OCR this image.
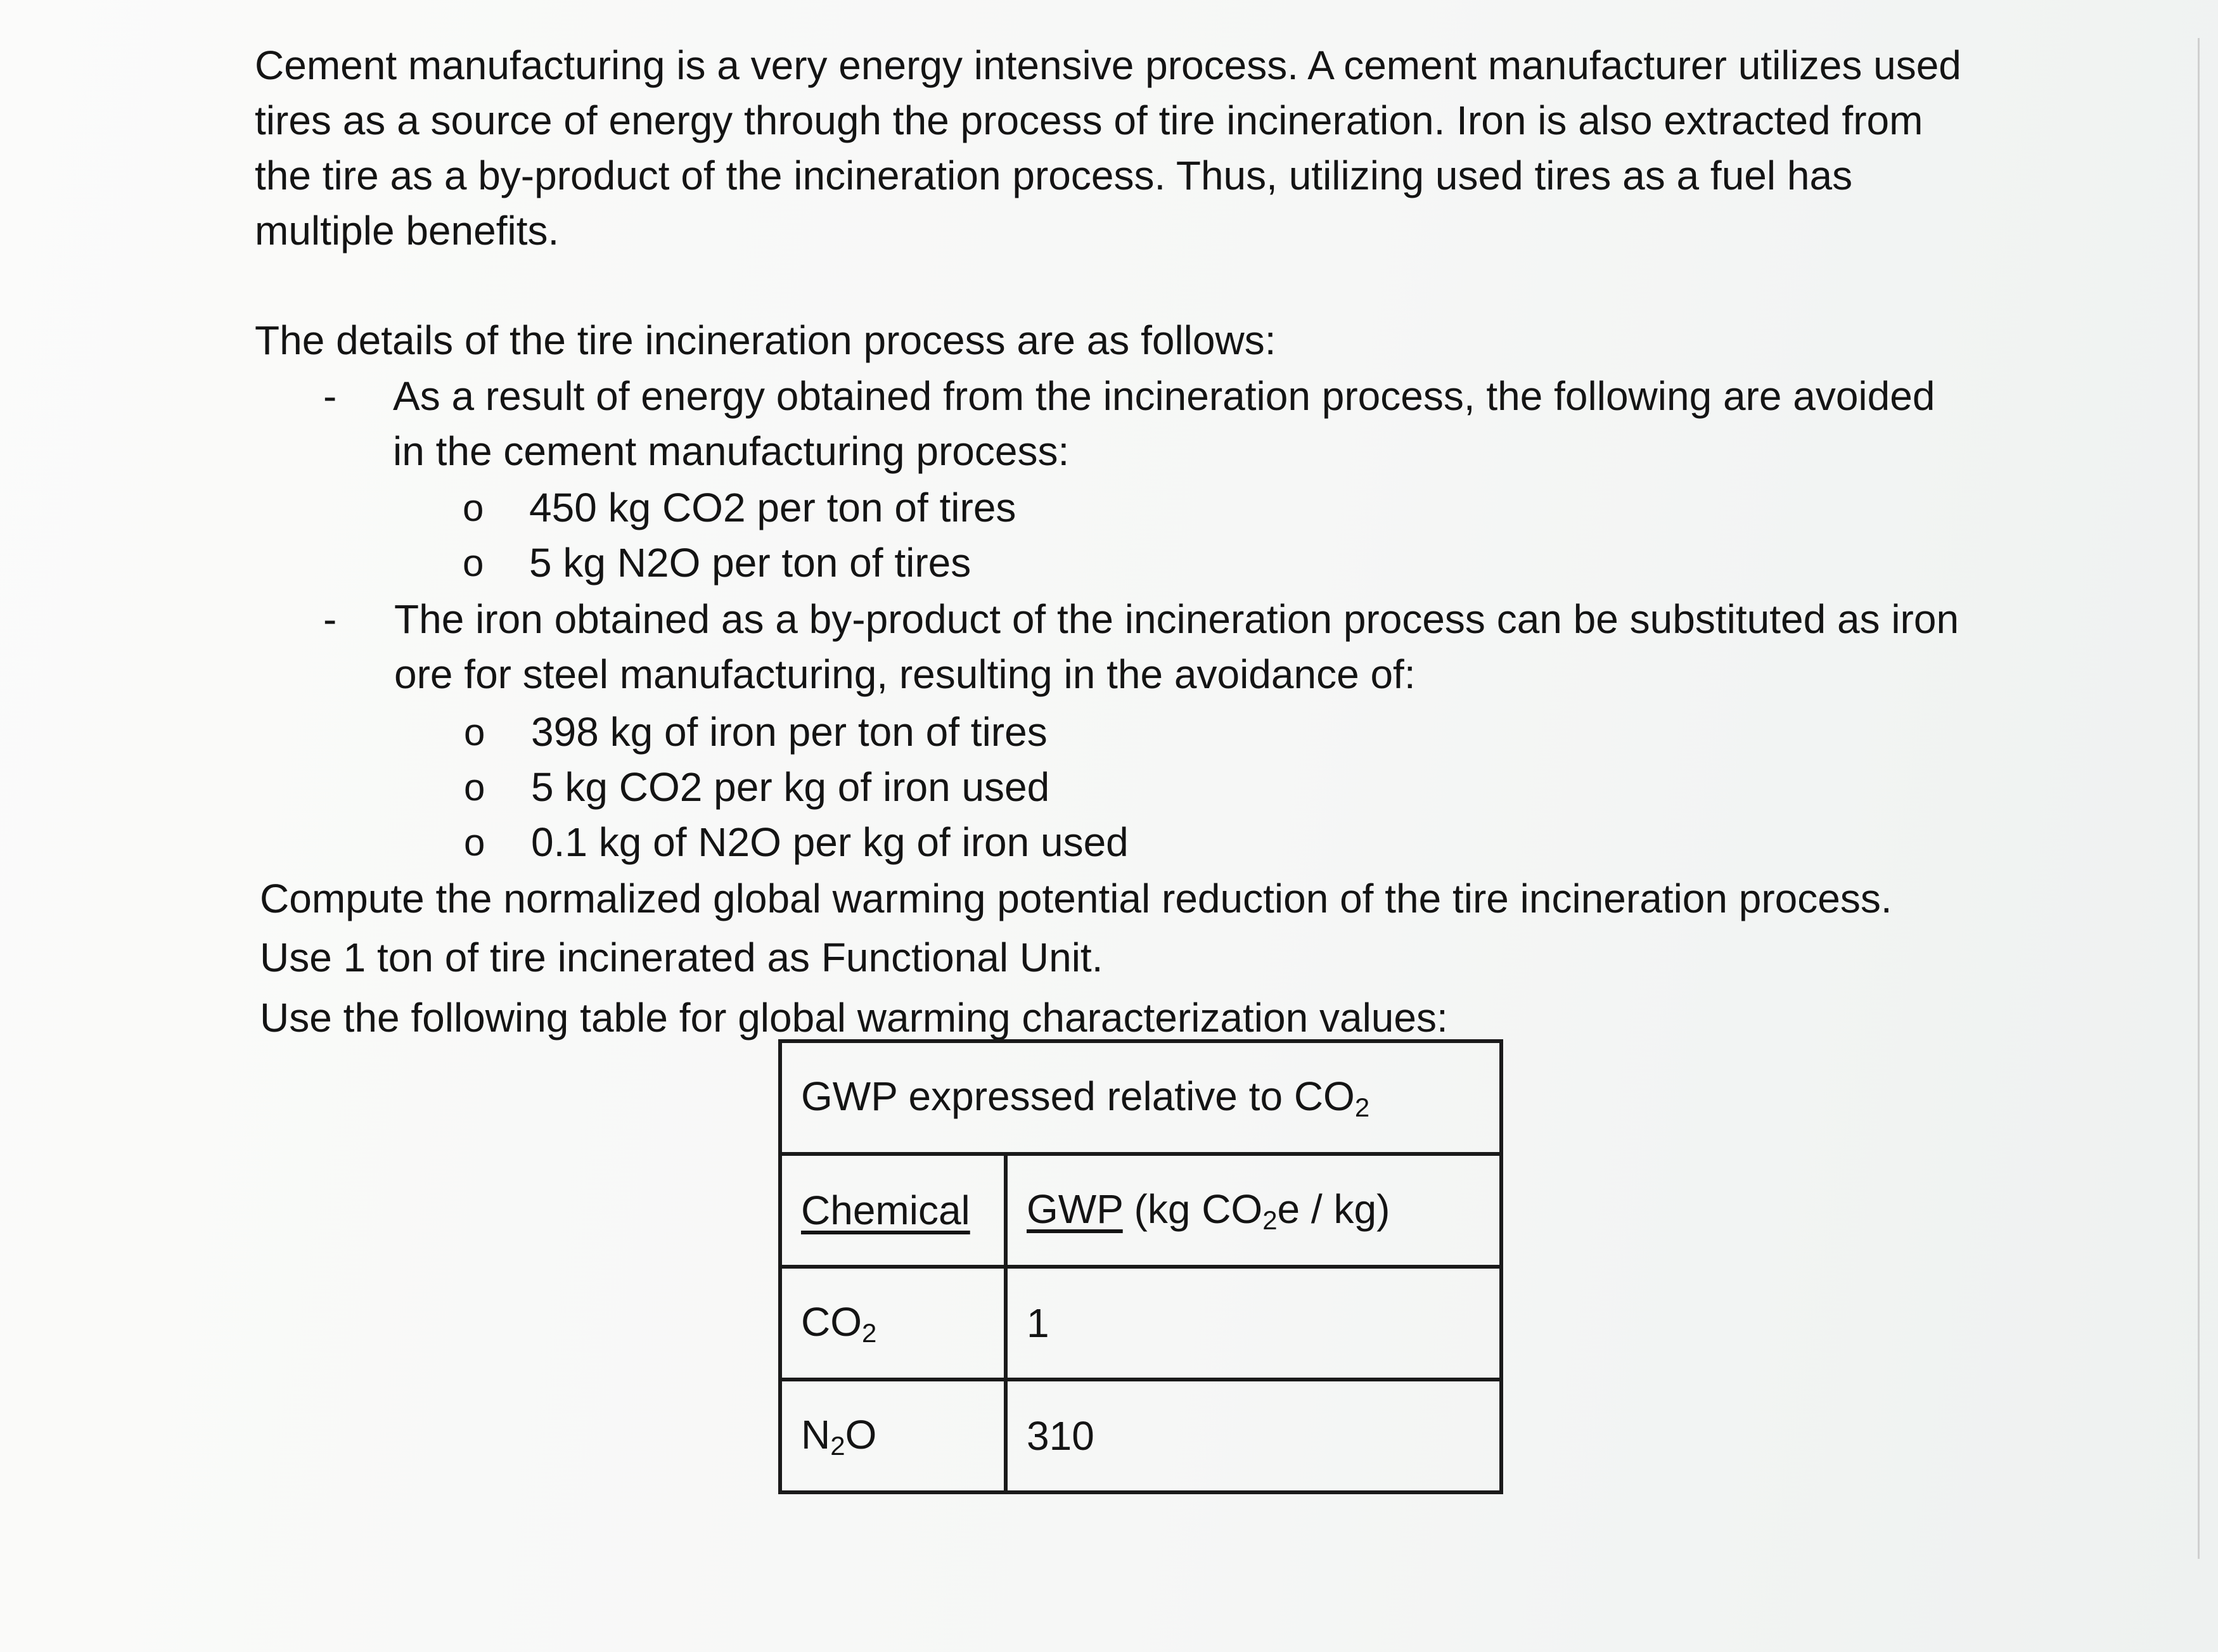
Cement manufacturing is a very energy intensive process. A cement manufacturer utilizes used

tires as a source of energy through the process of tire incineration. Iron is also extracted from

the tire as a by-product of the incineration process. Thus, utilizing used tires as a fuel has

multiple benefits.

The details of the tire incineration process are as follows:

- As a result of energy obtained from the incineration process, the following are avoided

in the cement manufacturing process:

o 450 kg CO2 per ton of tires

o 5 kg N2O per ton of tires

- The iron obtained as a by-product of the incineration process can be substituted as iron

ore for steel manufacturing, resulting in the avoidance of:

o 398 kg of iron per ton of tires

o 5 kg CO2 per kg of iron used

o 0.1 kg of N2O per kg of iron used

Compute the normalized global warming potential reduction of the tire incineration process.

Use 1 ton of tire incinerated as Functional Unit.

Use the following table for global warming characterization values:

GWP expressed relative to $CO_2$
Chemical	GWP (kg $CO_2e / kg$)
$CO_2$	1
$N_2O$	310
